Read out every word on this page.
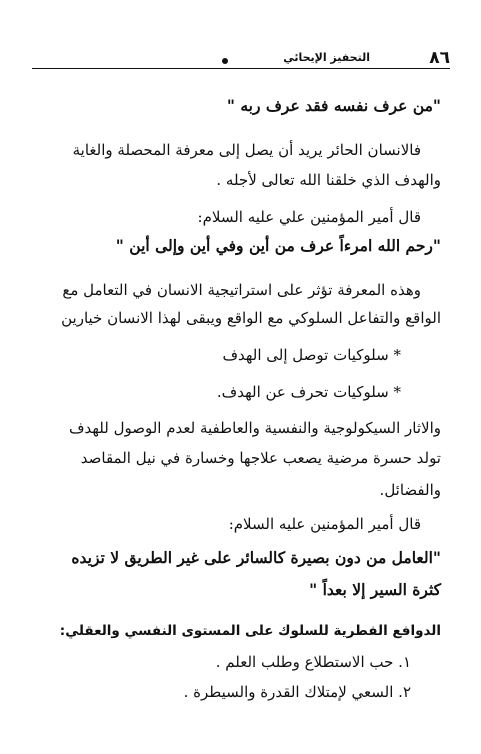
٨٦
التحفيز الإيحائي
"من عرف نفسه فقد عرف ربه "
فالانسان الحائر يريد أن يصل إلى معرفة المحصلة والغاية
والهدف الذي خلقنا الله تعالى لأجله .
قال أمير المؤمنين علي عليه السلام:
"رحم الله امرءاً عرف من أين وفي أين وإلى أين "
وهذه المعرفة تؤثر على استراتيجية الانسان في التعامل مع
الواقع والتفاعل السلوكي مع الواقع ويبقى لهذا الانسان خيارين
* سلوكيات توصل إلى الهدف
* سلوكيات تحرف عن الهدف.
والاثار السيكولوجية والنفسية والعاطفية لعدم الوصول للهدف
تولد حسرة مرضية يصعب علاجها وخسارة في نيل المقاصد
والفضائل.
قال أمير المؤمنين عليه السلام:
"العامل من دون بصيرة كالسائر على غير الطريق لا تزيده
كثرة السير إلا بعداً "
الدوافع الفطرية للسلوك على المستوى النفسي والعقلي:
١. حب الاستطلاع وطلب العلم .
٢. السعي لإمتلاك القدرة والسيطرة .
